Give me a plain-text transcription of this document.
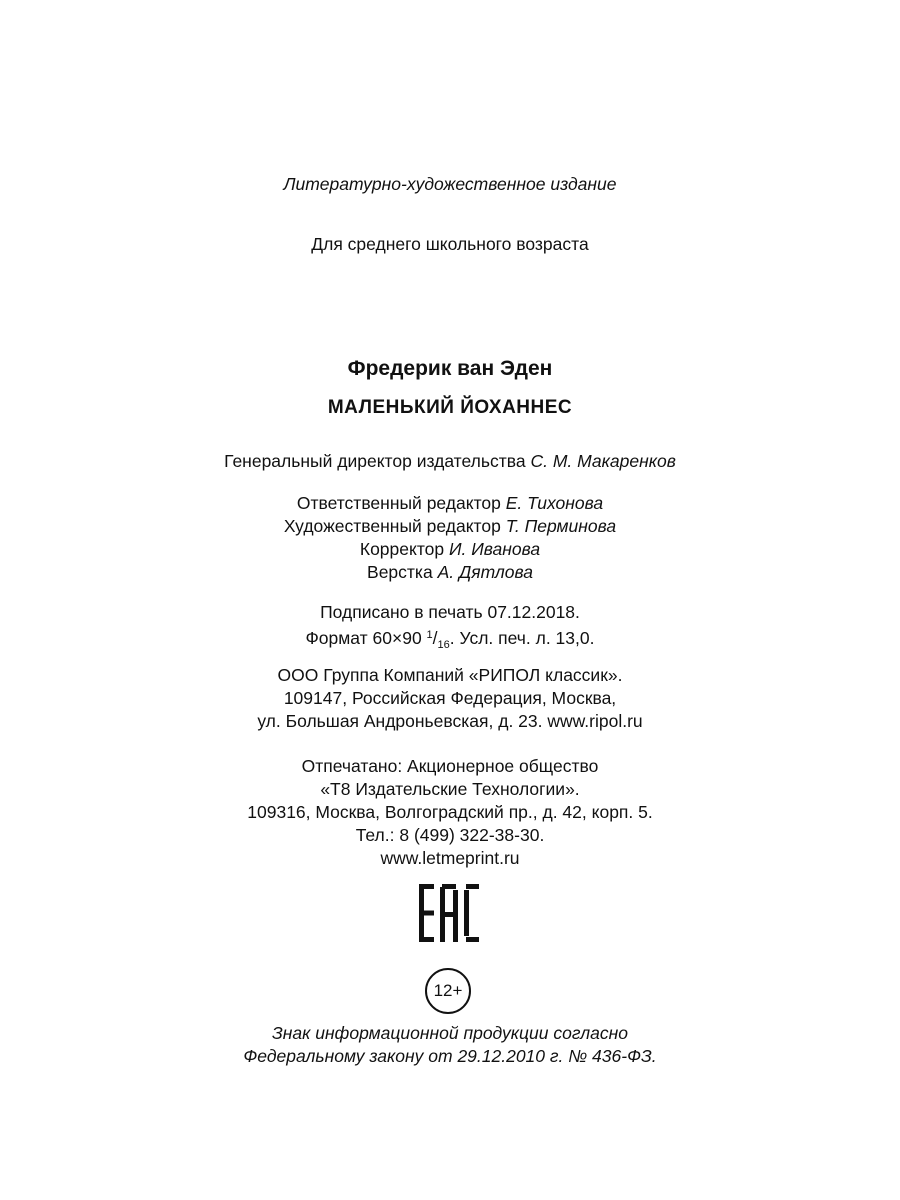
Литературно-художественное издание
Для среднего школьного возраста
Фредерик ван Эден
МАЛЕНЬКИЙ ЙОХАННЕС
Генеральный директор издательства С. М. Макаренков
Ответственный редактор Е. Тихонова
Художественный редактор Т. Перминова
Корректор И. Иванова
Верстка А. Дятлова
Подписано в печать 07.12.2018.
Формат 60×90 $^1/_{16}$. Усл. печ. л. 13,0.
ООО Группа Компаний «РИПОЛ классик».
109147, Российская Федерация, Москва,
ул. Большая Андроньевская, д. 23. www.ripol.ru
Отпечатано: Акционерное общество
«Т8 Издательские Технологии».
109316, Москва, Волгоградский пр., д. 42, корп. 5.
Тел.: 8 (499) 322-38-30.
www.letmeprint.ru
12+
Знак информационной продукции согласно
Федеральному закону от 29.12.2010 г. № 436-ФЗ.
